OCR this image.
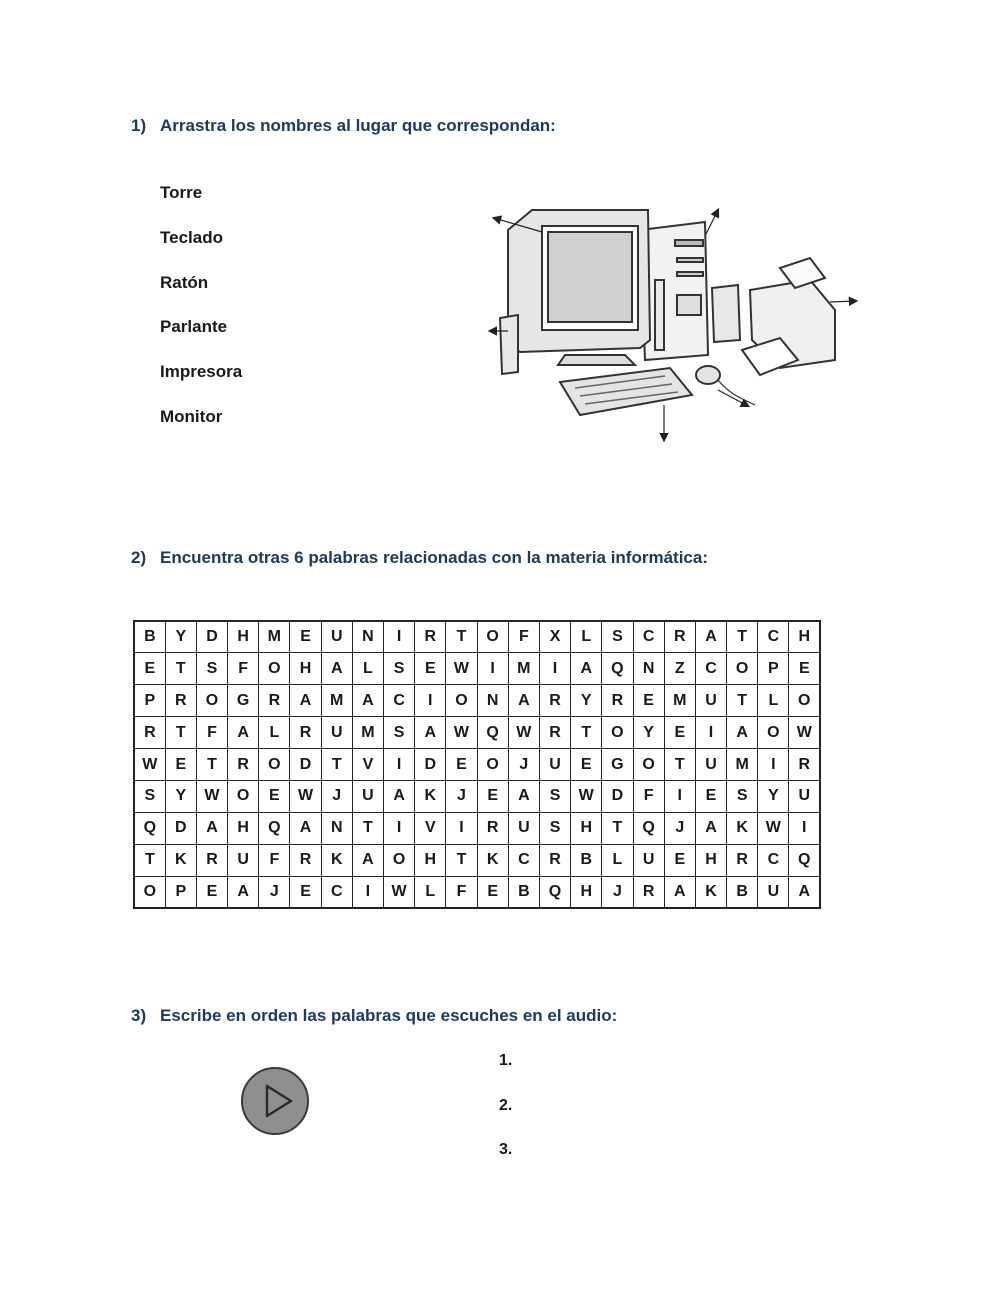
1) Arrastra los nombres al lugar que correspondan:
Torre
Teclado
Ratón
Parlante
Impresora
Monitor
2) Encuentra otras 6 palabras relacionadas con la materia informática:
B	Y	D	H	M	E	U	N	I	R	T	O	F	X	L	S	C	R	A	T	C	H
E	T	S	F	O	H	A	L	S	E	W	I	M	I	A	Q	N	Z	C	O	P	E
P	R	O	G	R	A	M	A	C	I	O	N	A	R	Y	R	E	M	U	T	L	O
R	T	F	A	L	R	U	M	S	A	W	Q	W	R	T	O	Y	E	I	A	O	W
W	E	T	R	O	D	T	V	I	D	E	O	J	U	E	G	O	T	U	M	I	R
S	Y	W	O	E	W	J	U	A	K	J	E	A	S	W	D	F	I	E	S	Y	U
Q	D	A	H	Q	A	N	T	I	V	I	R	U	S	H	T	Q	J	A	K	W	I
T	K	R	U	F	R	K	A	O	H	T	K	C	R	B	L	U	E	H	R	C	Q
O	P	E	A	J	E	C	I	W	L	F	E	B	Q	H	J	R	A	K	B	U	A
3) Escribe en orden las palabras que escuches en el audio:
1.
2.
3.
